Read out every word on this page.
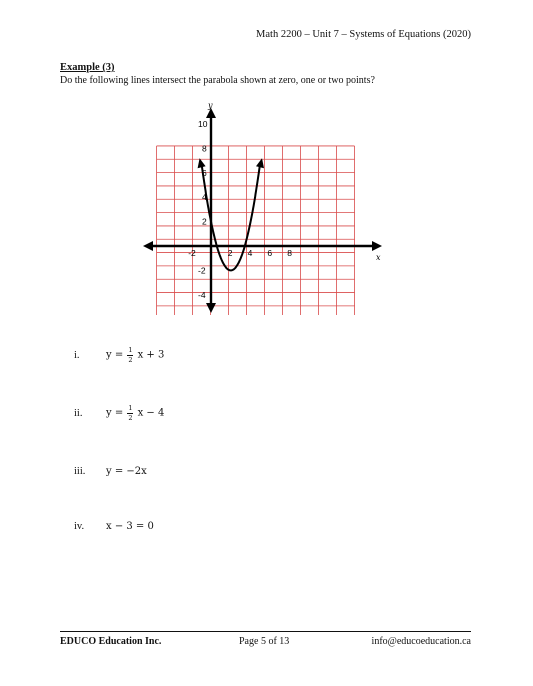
Math 2200 – Unit 7 – Systems of Equations (2020)
Example (3)
Do the following lines intersect the parabola shown at zero, one or two points?
x
y
-2	2 4 6 8
10
8
6
4
2
-2
-4
i.	$y = \frac{1}{2}$ x + 3
ii.	$y = \frac{1}{2}$ x − 4
iii.	y = −2x
iv.	x − 3 = 0
EDUCO Education Inc.	Page 5 of 13	info@educoeducation.ca
